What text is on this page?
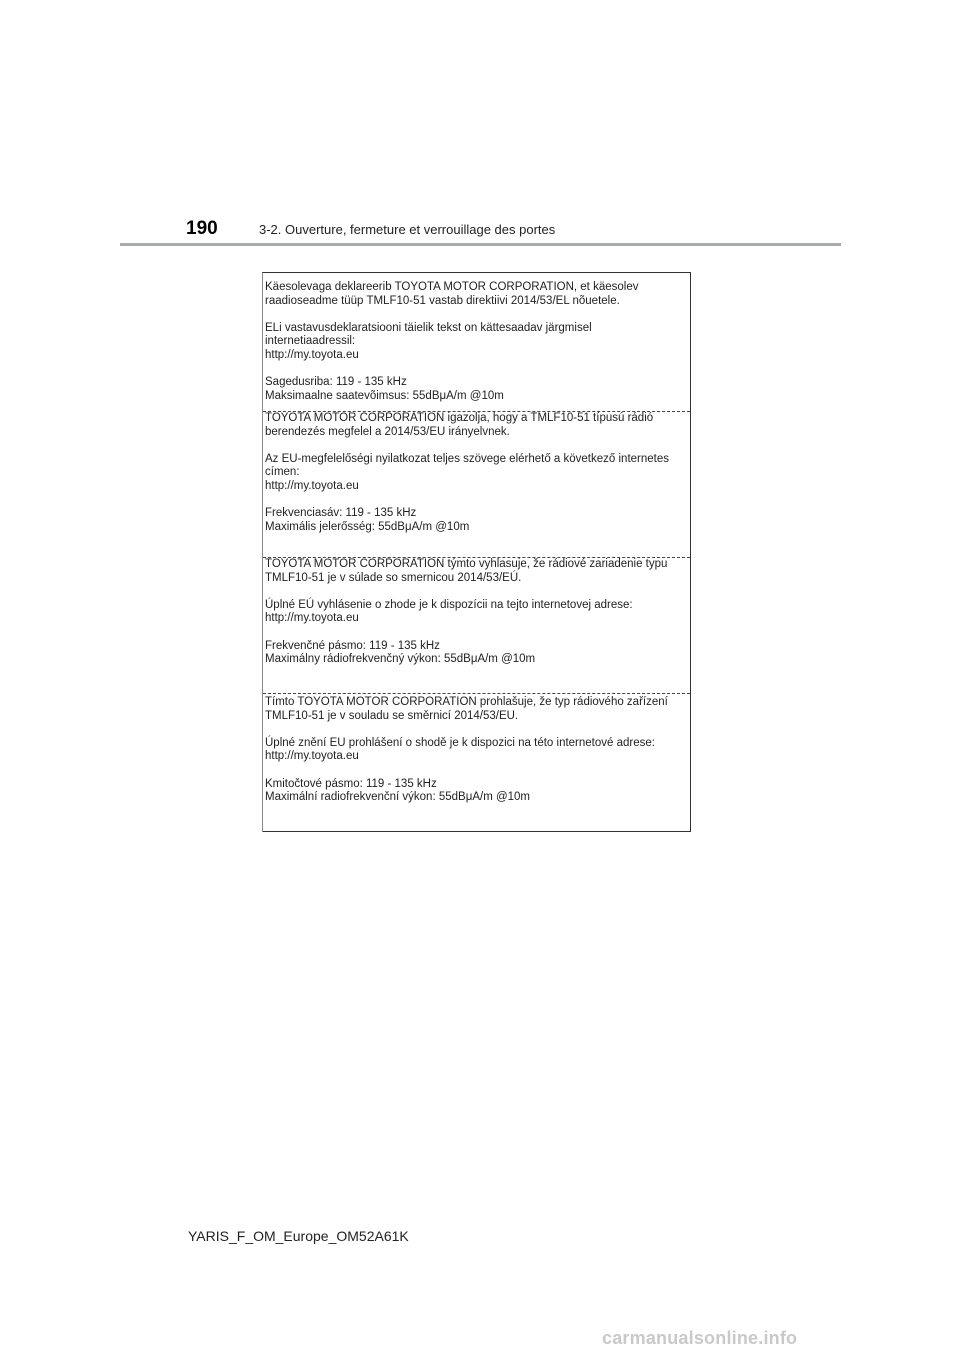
190	3-2. Ouverture, fermeture et verrouillage des portes

Käesolevaga deklareerib TOYOTA MOTOR CORPORATION, et käesolev

raadioseadme tüüp TMLF10-51 vastab direktiivi 2014/53/EL nõuetele.

ELi vastavusdeklaratsiooni täielik tekst on kättesaadav järgmisel

internetiaadressil:

http://my.toyota.eu

Sagedusriba: 119 - 135 kHz

Maksimaalne saatevõimsus: 55dBμA/m @10m

TOYOTA MOTOR CORPORATION igazolja, hogy a TMLF10-51 típusú rádió

berendezés megfelel a 2014/53/EU irányelvnek.

Az EU-megfelelőségi nyilatkozat teljes szövege elérhető a következő internetes

címen:

http://my.toyota.eu

Frekvenciasáv: 119 - 135 kHz

Maximális jelerősség: 55dBμA/m @10m

TOYOTA MOTOR CORPORATION týmto vyhlasuje, že rádiové zariadenie typu

TMLF10-51 je v súlade so smernicou 2014/53/EÚ.

Úplné EÚ vyhlásenie o zhode je k dispozícii na tejto internetovej adrese:

http://my.toyota.eu

Frekvenčné pásmo: 119 - 135 kHz

Maximálny rádiofrekvenčný výkon: 55dBμA/m @10m

Tímto TOYOTA MOTOR CORPORATION prohlašuje, že typ rádiového zařízení

TMLF10-51 je v souladu se směrnicí 2014/53/EU.

Úplné znění EU prohlášení o shodě je k dispozici na této internetové adrese:

http://my.toyota.eu

Kmitočtové pásmo: 119 - 135 kHz

Maximální radiofrekvenční výkon: 55dBμA/m @10m

YARIS_F_OM_Europe_OM52A61K
carmanualsonline.info
